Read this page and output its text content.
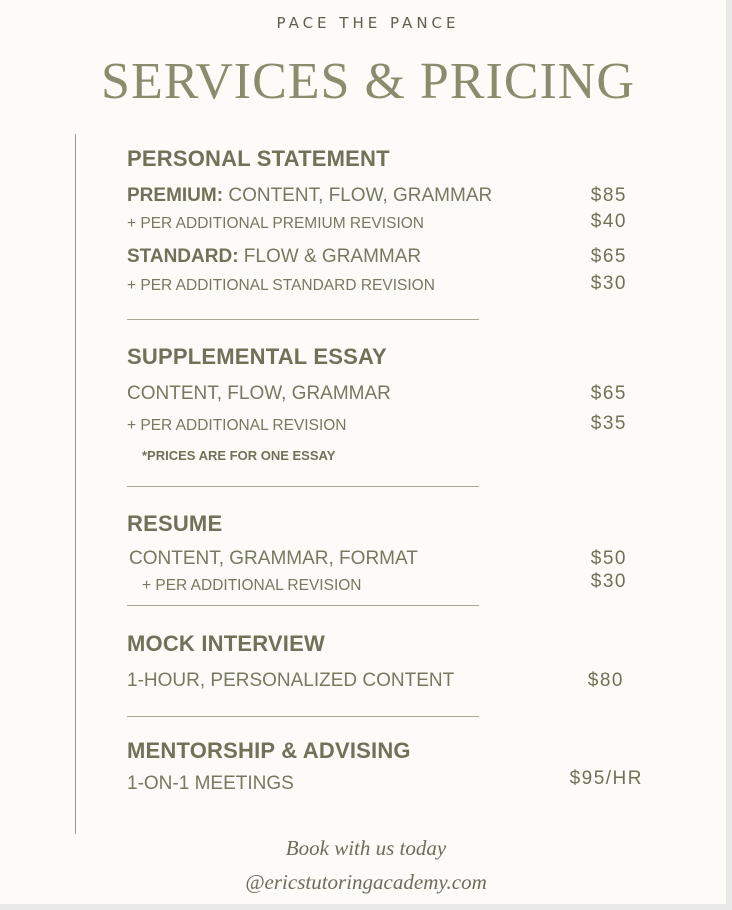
PACE THE PANCE
SERVICES & PRICING
PERSONAL STATEMENT
PREMIUM: CONTENT, FLOW, GRAMMAR	$85
+ PER ADDITIONAL PREMIUM REVISION	$40
STANDARD: FLOW & GRAMMAR	$65
+ PER ADDITIONAL STANDARD REVISION	$30
SUPPLEMENTAL ESSAY
CONTENT, FLOW, GRAMMAR	$65
+ PER ADDITIONAL REVISION	$35
*PRICES ARE FOR ONE ESSAY
RESUME
CONTENT, GRAMMAR, FORMAT	$50
+ PER ADDITIONAL REVISION	$30
MOCK INTERVIEW
1-HOUR, PERSONALIZED CONTENT	$80
MENTORSHIP & ADVISING
1-ON-1 MEETINGS	$95/HR
Book with us today
@ericstutoringacademy.com
